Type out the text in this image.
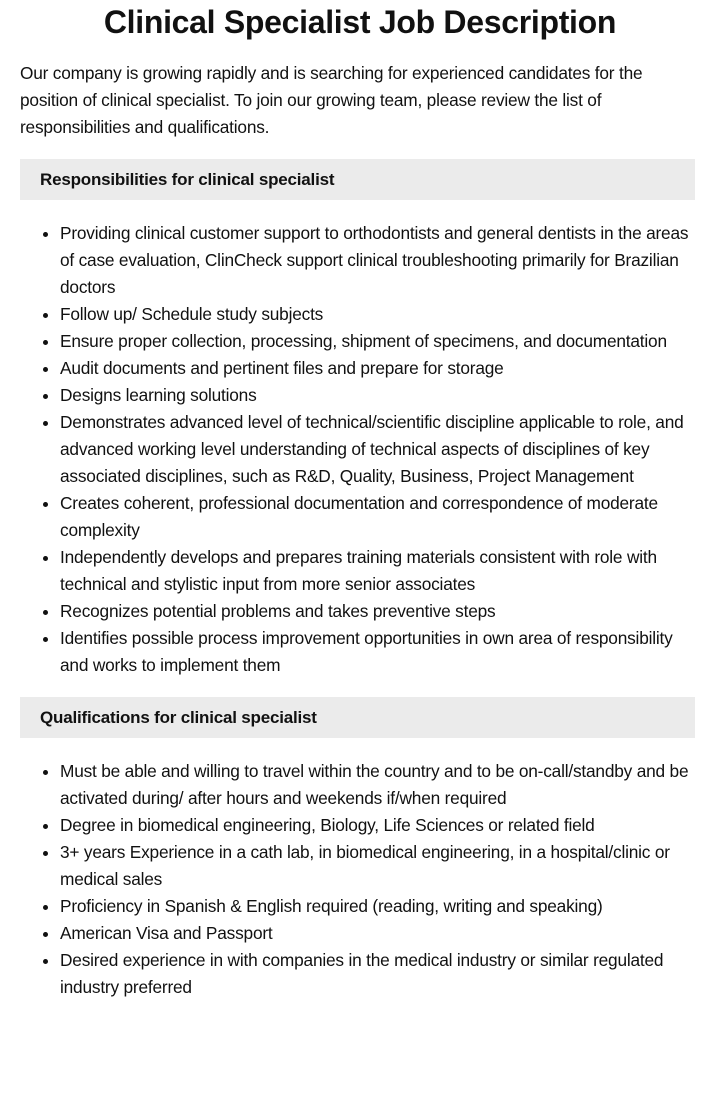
Clinical Specialist Job Description

Our company is growing rapidly and is searching for experienced candidates for the position of clinical specialist. To join our growing team, please review the list of responsibilities and qualifications.

Responsibilities for clinical specialist
• Providing clinical customer support to orthodontists and general dentists in the areas of case evaluation, ClinCheck support clinical troubleshooting primarily for Brazilian doctors
• Follow up/ Schedule study subjects
• Ensure proper collection, processing, shipment of specimens, and documentation
• Audit documents and pertinent files and prepare for storage
• Designs learning solutions
• Demonstrates advanced level of technical/scientific discipline applicable to role, and advanced working level understanding of technical aspects of disciplines of key associated disciplines, such as R&D, Quality, Business, Project Management
• Creates coherent, professional documentation and correspondence of moderate complexity
• Independently develops and prepares training materials consistent with role with technical and stylistic input from more senior associates
• Recognizes potential problems and takes preventive steps
• Identifies possible process improvement opportunities in own area of responsibility and works to implement them
Qualifications for clinical specialist
• Must be able and willing to travel within the country and to be on-call/standby and be activated during/ after hours and weekends if/when required
• Degree in biomedical engineering, Biology, Life Sciences or related field
• 3+ years Experience in a cath lab, in biomedical engineering, in a hospital/clinic or medical sales
• Proficiency in Spanish & English required (reading, writing and speaking)
• American Visa and Passport
• Desired experience in with companies in the medical industry or similar regulated industry preferred
